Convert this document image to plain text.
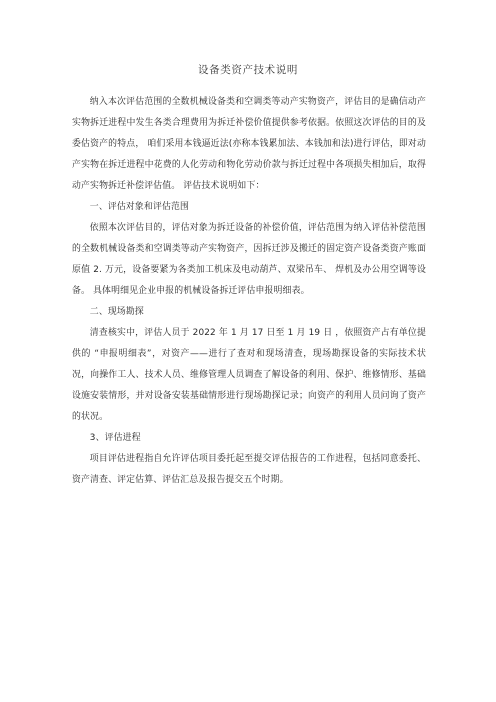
设备类资产技术说明

纳入本次评估范围的全数机械设备类和空调类等动产实物资产，评估目的是确信动产实物拆迁进程中发生各类合理费用为拆迁补偿价值提供参考依据。依照这次评估的目的及委估资产的特点， 咱们采用本钱逼近法(亦称本钱累加法、本钱加和法)进行评估，即对动产实物在拆迁进程中花费的人化劳动和物化劳动价款与拆迁过程中各项损失相加后，取得动产实物拆迁补偿评估值。 评估技术说明如下：

一、评估对象和评估范围

依照本次评估目的，评估对象为拆迁设备的补偿价值，评估范围为纳入评估补偿范围的全数机械设备类和空调类等动产实物资产，因拆迁涉及搬迁的固定资产设备类资产账面原值 2. 万元，设备要紧为各类加工机床及电动葫芦、双梁吊车、 焊机及办公用空调等设备。 具体明细见企业申报的机械设备拆迁评估申报明细表。

二、现场勘探

清查核实中，评估人员于 2022 年 1 月 17 日至 1 月 19 日 ，依照资产占有单位提供的 “申报明细表”，对资产——进行了查对和现场清查，现场勘探设备的实际技术状况，向操作工人、技术人员、维修管理人员调查了解设备的利用、保护、维修情形、基础设施安装情形，并对设备安装基础情形进行现场勘探记录；向资产的利用人员问询了资产的状况。

3、评估进程

项目评估进程指自允许评估项目委托起至提交评估报告的工作进程，包括同意委托、资产清查、评定估算、评估汇总及报告提交五个时期。
